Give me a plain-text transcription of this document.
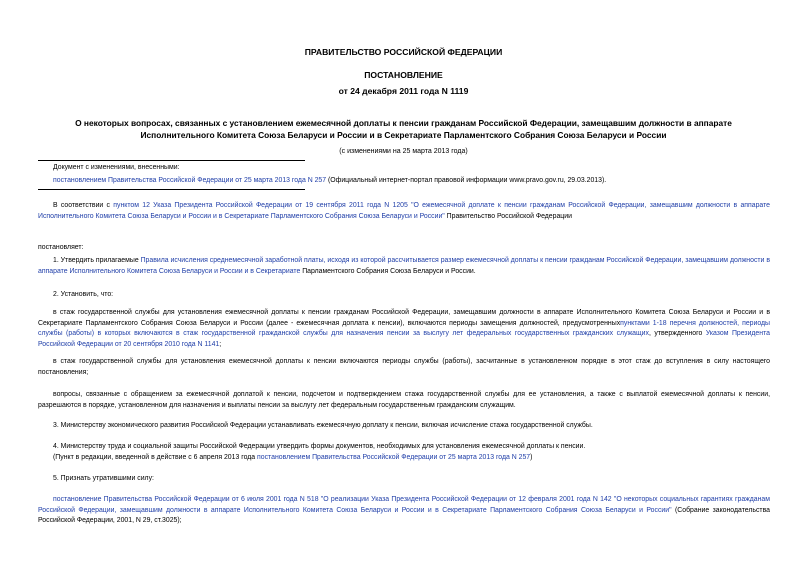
ПРАВИТЕЛЬСТВО РОССИЙСКОЙ ФЕДЕРАЦИИ
ПОСТАНОВЛЕНИЕ
от 24 декабря 2011 года N 1119
О некоторых вопросах, связанных с установлением ежемесячной доплаты к пенсии гражданам Российской Федерации, замещавшим должности в аппарате
Исполнительного Комитета Союза Беларуси и России и в Секретариате Парламентского Собрания Союза Беларуси и России
(с изменениями на 25 марта 2013 года)
Документ с изменениями, внесенными:
постановлением Правительства Российской Федерации от 25 марта 2013 года N 257 (Официальный интернет-портал правовой информации www.pravo.gov.ru, 29.03.2013).
В соответствии с пунктом 12 Указа Президента Российской Федерации от 19 сентября 2011 года N 1205 "О ежемесячной доплате к пенсии гражданам Российской Федерации, замещавшим должности в аппарате Исполнительного Комитета Союза Беларуси и России и в Секретариате Парламентского Собрания Союза Беларуси и России" Правительство Российской Федерации
постановляет:
1. Утвердить прилагаемые Правила исчисления среднемесячной заработной платы, исходя из которой рассчитывается размер ежемесячной доплаты к пенсии гражданам Российской Федерации, замещавшим должности в аппарате Исполнительного Комитета Союза Беларуси и России и в Секретариате Парламентского Собрания Союза Беларуси и России.
2. Установить, что:
в стаж государственной службы для установления ежемесячной доплаты к пенсии гражданам Российской Федерации, замещавшим должности в аппарате Исполнительного Комитета Союза Беларуси и России и в Секретариате Парламентского Собрания Союза Беларуси и России (далее - ежемесячная доплата к пенсии), включаются периоды замещения должностей, предусмотренныхпунктами 1-18 перечня должностей, периоды службы (работы) в которых включаются в стаж государственной гражданской службы для назначения пенсии за выслугу лет федеральных государственных гражданских служащих, утвержденного Указом Президента Российской Федерации от 20 сентября 2010 года N 1141;
в стаж государственной службы для установления ежемесячной доплаты к пенсии включаются периоды службы (работы), засчитанные в установленном порядке в этот стаж до вступления в силу настоящего постановления;
вопросы, связанные с обращением за ежемесячной доплатой к пенсии, подсчетом и подтверждением стажа государственной службы для ее установления, а также с выплатой ежемесячной доплаты к пенсии, разрешаются в порядке, установленном для назначения и выплаты пенсии за выслугу лет федеральным государственным гражданским служащим.
3. Министерству экономического развития Российской Федерации устанавливать ежемесячную доплату к пенсии, включая исчисление стажа государственной службы.
4. Министерству труда и социальной защиты Российской Федерации утвердить формы документов, необходимых для установления ежемесячной доплаты к пенсии.
(Пункт в редакции, введенной в действие с 6 апреля 2013 года постановлением Правительства Российской Федерации от 25 марта 2013 года N 257)
5. Признать утратившими силу:
постановление Правительства Российской Федерации от 6 июля 2001 года N 518 "О реализации Указа Президента Российской Федерации от 12 февраля 2001 года N 142 "О некоторых социальных гарантиях гражданам Российской Федерации, замещавшим должности в аппарате Исполнительного Комитета Союза Беларуси и России и в Секретариате Парламентского Собрания Союза Беларуси и России" (Собрание законодательства Российской Федерации, 2001, N 29, ст.3025);
